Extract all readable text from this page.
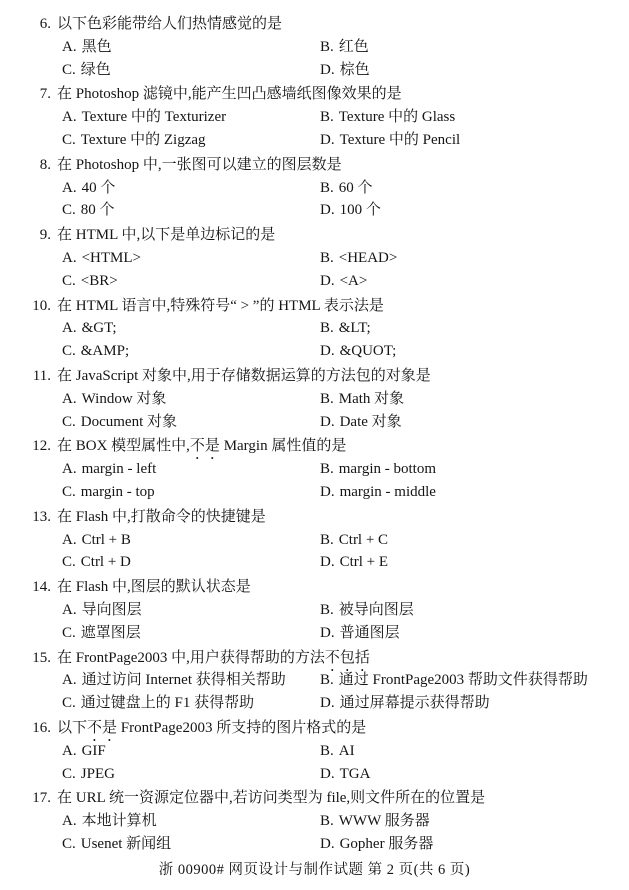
6. 以下色彩能带给人们热情感觉的是
A. 黑色	B. 红色
C. 绿色	D. 棕色
7. 在 Photoshop 滤镜中,能产生凹凸感墙纸图像效果的是
A. Texture 中的 Texturizer	B. Texture 中的 Glass
C. Texture 中的 Zigzag	D. Texture 中的 Pencil
8. 在 Photoshop 中,一张图可以建立的图层数是
A. 40 个	B. 60 个
C. 80 个	D. 100 个
9. 在 HTML 中,以下是单边标记的是
A. <HTML>	B. <HEAD>
C. <BR>	D. <A>
10. 在 HTML 语言中,特殊符号“ > ”的 HTML 表示法是
A. &GT;	B. &LT;
C. &AMP;	D. &QUOT;
11. 在 JavaScript 对象中,用于存储数据运算的方法包的对象是
A. Window 对象	B. Math 对象
C. Document 对象	D. Date 对象
12. 在 BOX 模型属性中,不是 Margin 属性值的是
A. margin - left	B. margin - bottom
C. margin - top	D. margin - middle
13. 在 Flash 中,打散命令的快捷键是
A. Ctrl + B	B. Ctrl + C
C. Ctrl + D	D. Ctrl + E
14. 在 Flash 中,图层的默认状态是
A. 导向图层	B. 被导向图层
C. 遮罩图层	D. 普通图层
15. 在 FrontPage2003 中,用户获得帮助的方法不包括
A. 通过访问 Internet 获得相关帮助	B. 通过 FrontPage2003 帮助文件获得帮助
C. 通过键盘上的 F1 获得帮助	D. 通过屏幕提示获得帮助
16. 以下不是 FrontPage2003 所支持的图片格式的是
A. GIF	B. AI
C. JPEG	D. TGA
17. 在 URL 统一资源定位器中,若访问类型为 file,则文件所在的位置是
A. 本地计算机	B. WWW 服务器
C. Usenet 新闻组	D. Gopher 服务器
浙 00900# 网页设计与制作试题 第 2 页(共 6 页)
